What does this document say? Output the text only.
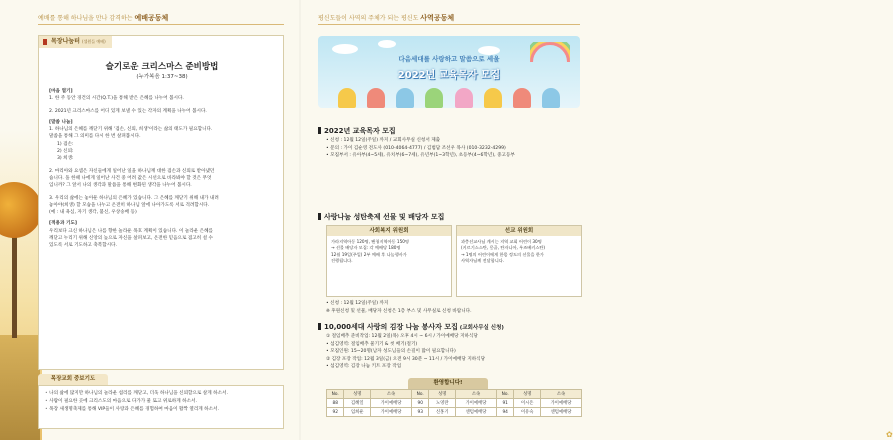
예배를 통해 하나님을 만나 감격하는 예배공동체
목장나눔터 (셀원들 예배)
슬기로운 크리스마스 준비방법
(누가복음 1:37~38)

[마음 열기]

1. 한 주 동안 경건의 시간(Q.T.)을 통해 받은 은혜를 나누어 봅시다.

2. 2021년 크리스마스를 어디 있게 보낼 수 있는 각자의 계획을 나누어 봅시다.

[말씀 나눔]

1. 하나님의 은혜를 깨닫기 위해 '겸손, 신뢰, 희생'이라는 삶의 태도가 필요합니다.

말씀을 통해 그 의미를 다시 한 번 살펴봅시다.

1) 겸손:

2) 신뢰:

3) 희생:

2. 마리아와 요셉은 자신들에게 일어난 일을 하나님께 대한 겸손과 신뢰로 받아냈던

습니다. 돌 한때 나에게 일어난 사건 중 어려 값은 시선으로 바라봐야 할 것은 무엇

입니까? 그 앞서 나의 생각과 말씀을 통해 변화된 생각을 나누어 봅시다.

3. 우리의 삶에는 놓아둔 하나님의 은혜가 있습니다. 그 은혜를 깨닫기 위해 내가 내려

놓아야(희생) 할 모습을 나누고 온전히 하나님 앞에 나아가도록 서로 격려합시다.

(예 : 내 욕심, 자기 생각, 불신, 우상숭배 등)

[적용과 기도]

우리보다 크신 하나님은 나를 향한 놀라운 목호 계획이 있습니다. 이 놀라운 은혜를

깨닫고 누리기 위해 신앙의 높으로 자신을 살펴보고, 온전한 믿음으로 겸고히 설 수

있도록 서로 기도하고 축복합시다.

목장교회 중보기도
• 나의 삶에 많지만 하나님의 놀라운 섭리를 깨닫고, 더욱 하나님을 신뢰할으로 살게 하소서.
• 사람이 필요한 곳에 크리스도의 마음으로 다가가 물 또고 위로하게 하소서.
• 목장 새생명축제를 통해 VIP들이 사랑과 은혜를 경험하여 마음이 활짝 열리게 하소서.
평신도들이 사역의 주체가 되는 평신도 사역공동체
다음세대를 사랑하고 말씀으로 세울
2022년 교육목자 모집
2022년 교육목자 모집

• 신청 : 12월 12일(주일) 까지 / 교회사무실 신청서 제출

• 문의 : 가이 김순영 전도사 (010-4064-4777) / 김범담 조선우 목사 (010-3232-4299)

• 모집부서 : 유아부(4~5세), 유치부(6~7세), 유년부(1~3학년), 초등부(4~6학년), 중고등부

사랑나눔 성탄축제 선물 및 배당자 모집
사회복지 위원회

가라지역아동 120명, 팬청지역아동 150명

→ 선물 배당자 모집: 각 예배당 180명

12월 19일(주일) 2부 예배 후 나눔행사가

진행됩니다.

선교 위원회

과충선교사님 계시는 지역 교회 어린이 30명

(키르기스스탄, 몽골, 탄자니아, 우즈베키스탄)

→ 1명의 어린이에게 한몫 정도의 선물을 한가

사역자님께 전달합니다.

• 신청 : 12월 12일(주일) 까지

※ 후원신청 및 선물, 배당자 신청은 1층 부스 및 사무실로 신청 바랍니다.

10,000세대 사랑의 김장 나눔 봉사자 모집 (교회사무실 신청)

① 절임배추 준비작업: 12월 2일(목) 오후 4시 ~ 6시 / 가이예배당 지하식당

• 섬김영역: 절임배추 물기기 & 씻 배기(절기)

• 모집인원: 15~20명(남자 성도님들의 손길이 많이 필요합니다)

② 김장 포장 작업: 12월 3일(금) 오전 9시 30분 ~ 11시 / 가이예배당 지하식당

• 섬김영역: 김장 나눔 키트 포장 작업

환영합니다!
No.	성명	소속	No.	성명	소속	No.	성명	소속
88	김혜일	가이예배당	90	노영란	가이예배당	91	이시온	가이예배당
92	임희운	가이예배당	93	신홍기	센텀예배당	94	이유숙	센텀예배당
✿
